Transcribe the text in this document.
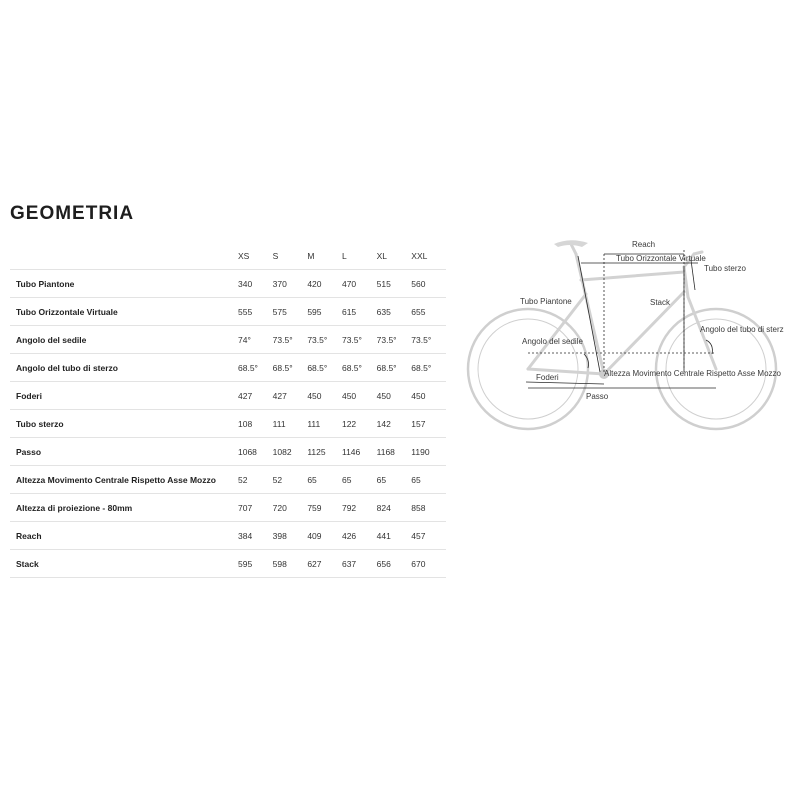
GEOMETRIA
	XS	S	M	L	XL	XXL
Tubo Piantone	340	370	420	470	515	560
Tubo Orizzontale Virtuale	555	575	595	615	635	655
Angolo del sedile	74°	73.5°	73.5°	73.5°	73.5°	73.5°
Angolo del tubo di sterzo	68.5°	68.5°	68.5°	68.5°	68.5°	68.5°
Foderi	427	427	450	450	450	450
Tubo sterzo	108	111	111	122	142	157
Passo	1068	1082	1125	1146	1168	1190
Altezza Movimento Centrale Rispetto Asse Mozzo	52	52	65	65	65	65
Altezza di proiezione - 80mm	707	720	759	792	824	858
Reach	384	398	409	426	441	457
Stack	595	598	627	637	656	670
Reach
Tubo Orizzontale Virtuale
Tubo sterzo
Tubo Piantone	Stack
Angolo del sedile
Angolo del tubo di sterz
Foderi	Altezza Movimento Centrale Rispetto Asse Mozzo
Passo
